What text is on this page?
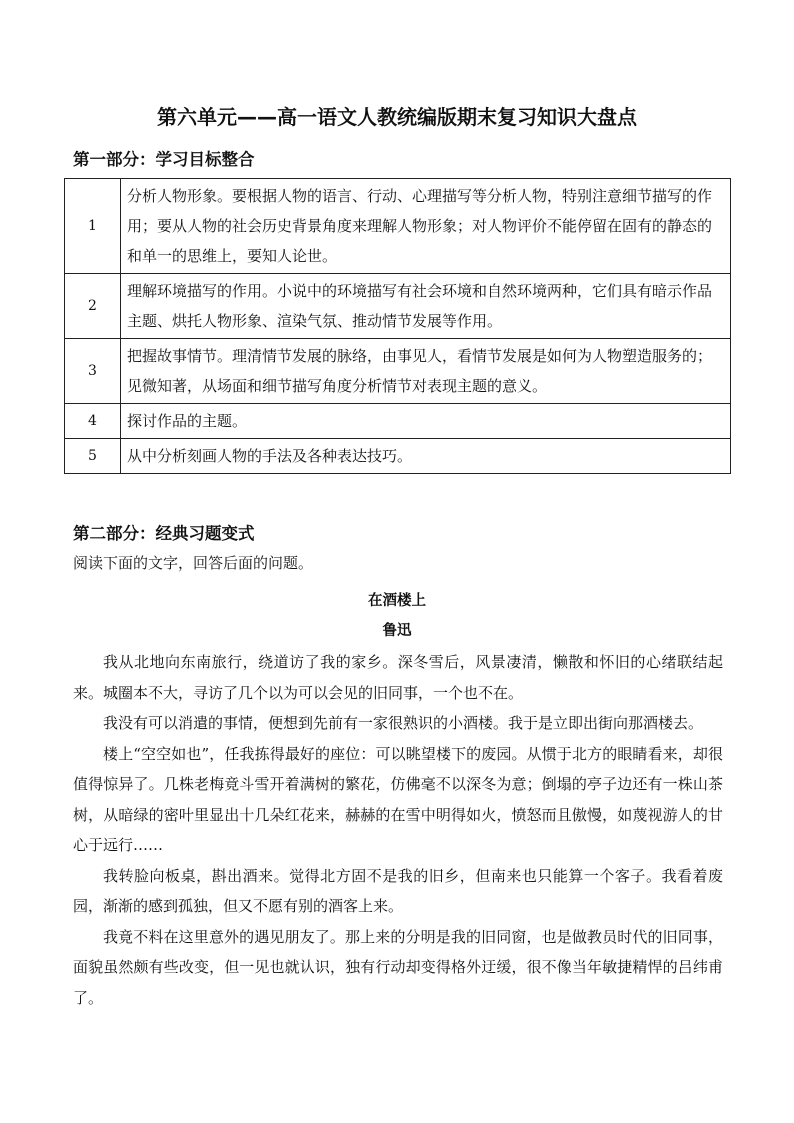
第六单元——高一语文人教统编版期末复习知识大盘点
第一部分：学习目标整合
1	分析人物形象。要根据人物的语言、行动、心理描写等分析人物，特别注意细节描写的作用；要从人物的社会历史背景角度来理解人物形象；对人物评价不能停留在固有的静态的和单一的思维上，要知人论世。
2	理解环境描写的作用。小说中的环境描写有社会环境和自然环境两种，它们具有暗示作品主题、烘托人物形象、渲染气氛、推动情节发展等作用。
3	把握故事情节。理清情节发展的脉络，由事见人，看情节发展是如何为人物塑造服务的；见微知著，从场面和细节描写角度分析情节对表现主题的意义。
4	探讨作品的主题。
5	从中分析刻画人物的手法及各种表达技巧。
第二部分：经典习题变式
阅读下面的文字，回答后面的问题。
在酒楼上
鲁迅

我从北地向东南旅行，绕道访了我的家乡。深冬雪后，风景凄清，懒散和怀旧的心绪联结起来。城圈本不大，寻访了几个以为可以会见的旧同事，一个也不在。

我没有可以消遣的事情，便想到先前有一家很熟识的小酒楼。我于是立即出街向那酒楼去。

楼上“空空如也”，任我拣得最好的座位：可以眺望楼下的废园。从惯于北方的眼睛看来，却很值得惊异了。几株老梅竟斗雪开着满树的繁花，仿佛毫不以深冬为意；倒塌的亭子边还有一株山茶树，从暗绿的密叶里显出十几朵红花来，赫赫的在雪中明得如火，愤怒而且傲慢，如蔑视游人的甘心于远行……

我转脸向板桌，斟出酒来。觉得北方固不是我的旧乡，但南来也只能算一个客子。我看着废园，渐渐的感到孤独，但又不愿有别的酒客上来。

我竟不料在这里意外的遇见朋友了。那上来的分明是我的旧同窗，也是做教员时代的旧同事，面貌虽然颇有些改变，但一见也就认识，独有行动却变得格外迂缓，很不像当年敏捷精悍的吕纬甫了。
